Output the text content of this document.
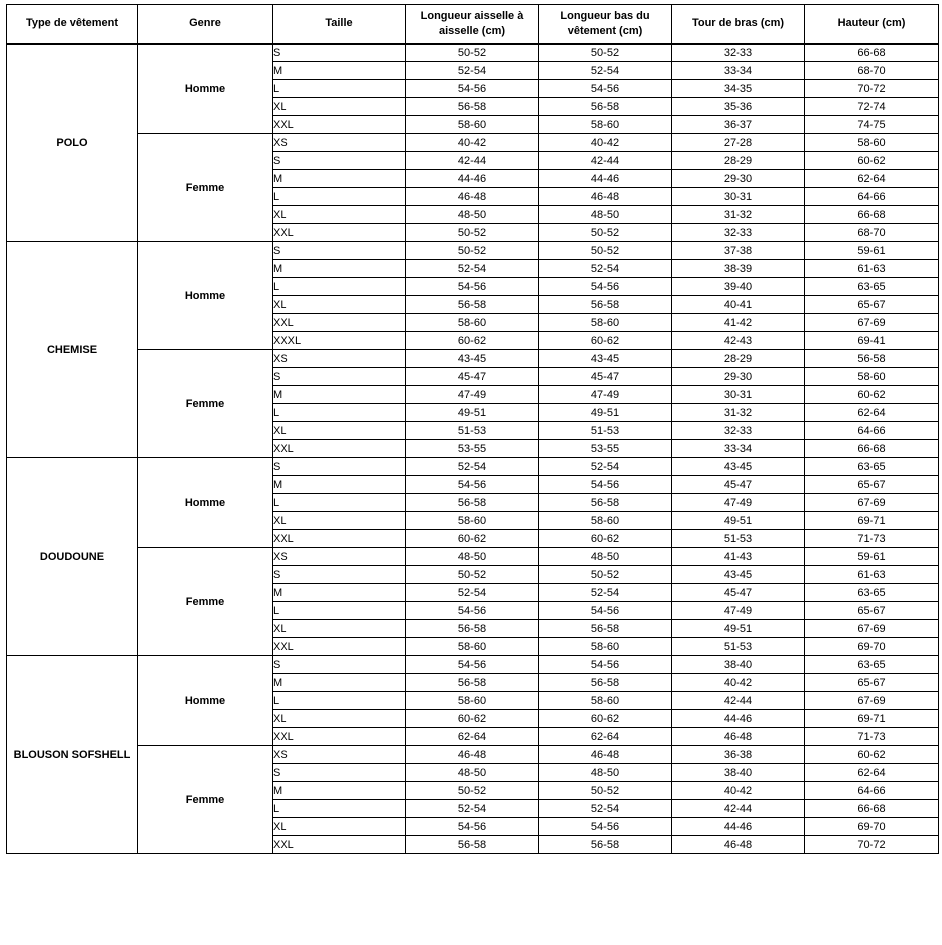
Type de vêtement	Genre	Taille	Longueur aisselle à aisselle (cm)	Longueur bas du vêtement (cm)	Tour de bras (cm)	Hauteur (cm)
POLO	Homme	S	50-52	50-52	32-33	66-68
		M	52-54	52-54	33-34	68-70
		L	54-56	54-56	34-35	70-72
		XL	56-58	56-58	35-36	72-74
		XXL	58-60	58-60	36-37	74-75
	Femme	XS	40-42	40-42	27-28	58-60
		S	42-44	42-44	28-29	60-62
		M	44-46	44-46	29-30	62-64
		L	46-48	46-48	30-31	64-66
		XL	48-50	48-50	31-32	66-68
		XXL	50-52	50-52	32-33	68-70
CHEMISE	Homme	S	50-52	50-52	37-38	59-61
		M	52-54	52-54	38-39	61-63
		L	54-56	54-56	39-40	63-65
		XL	56-58	56-58	40-41	65-67
		XXL	58-60	58-60	41-42	67-69
		XXXL	60-62	60-62	42-43	69-41
	Femme	XS	43-45	43-45	28-29	56-58
		S	45-47	45-47	29-30	58-60
		M	47-49	47-49	30-31	60-62
		L	49-51	49-51	31-32	62-64
		XL	51-53	51-53	32-33	64-66
		XXL	53-55	53-55	33-34	66-68
DOUDOUNE	Homme	S	52-54	52-54	43-45	63-65
		M	54-56	54-56	45-47	65-67
		L	56-58	56-58	47-49	67-69
		XL	58-60	58-60	49-51	69-71
		XXL	60-62	60-62	51-53	71-73
	Femme	XS	48-50	48-50	41-43	59-61
		S	50-52	50-52	43-45	61-63
		M	52-54	52-54	45-47	63-65
		L	54-56	54-56	47-49	65-67
		XL	56-58	56-58	49-51	67-69
		XXL	58-60	58-60	51-53	69-70
BLOUSON SOFSHELL	Homme	S	54-56	54-56	38-40	63-65
		M	56-58	56-58	40-42	65-67
		L	58-60	58-60	42-44	67-69
		XL	60-62	60-62	44-46	69-71
		XXL	62-64	62-64	46-48	71-73
	Femme	XS	46-48	46-48	36-38	60-62
		S	48-50	48-50	38-40	62-64
		M	50-52	50-52	40-42	64-66
		L	52-54	52-54	42-44	66-68
		XL	54-56	54-56	44-46	69-70
		XXL	56-58	56-58	46-48	70-72
